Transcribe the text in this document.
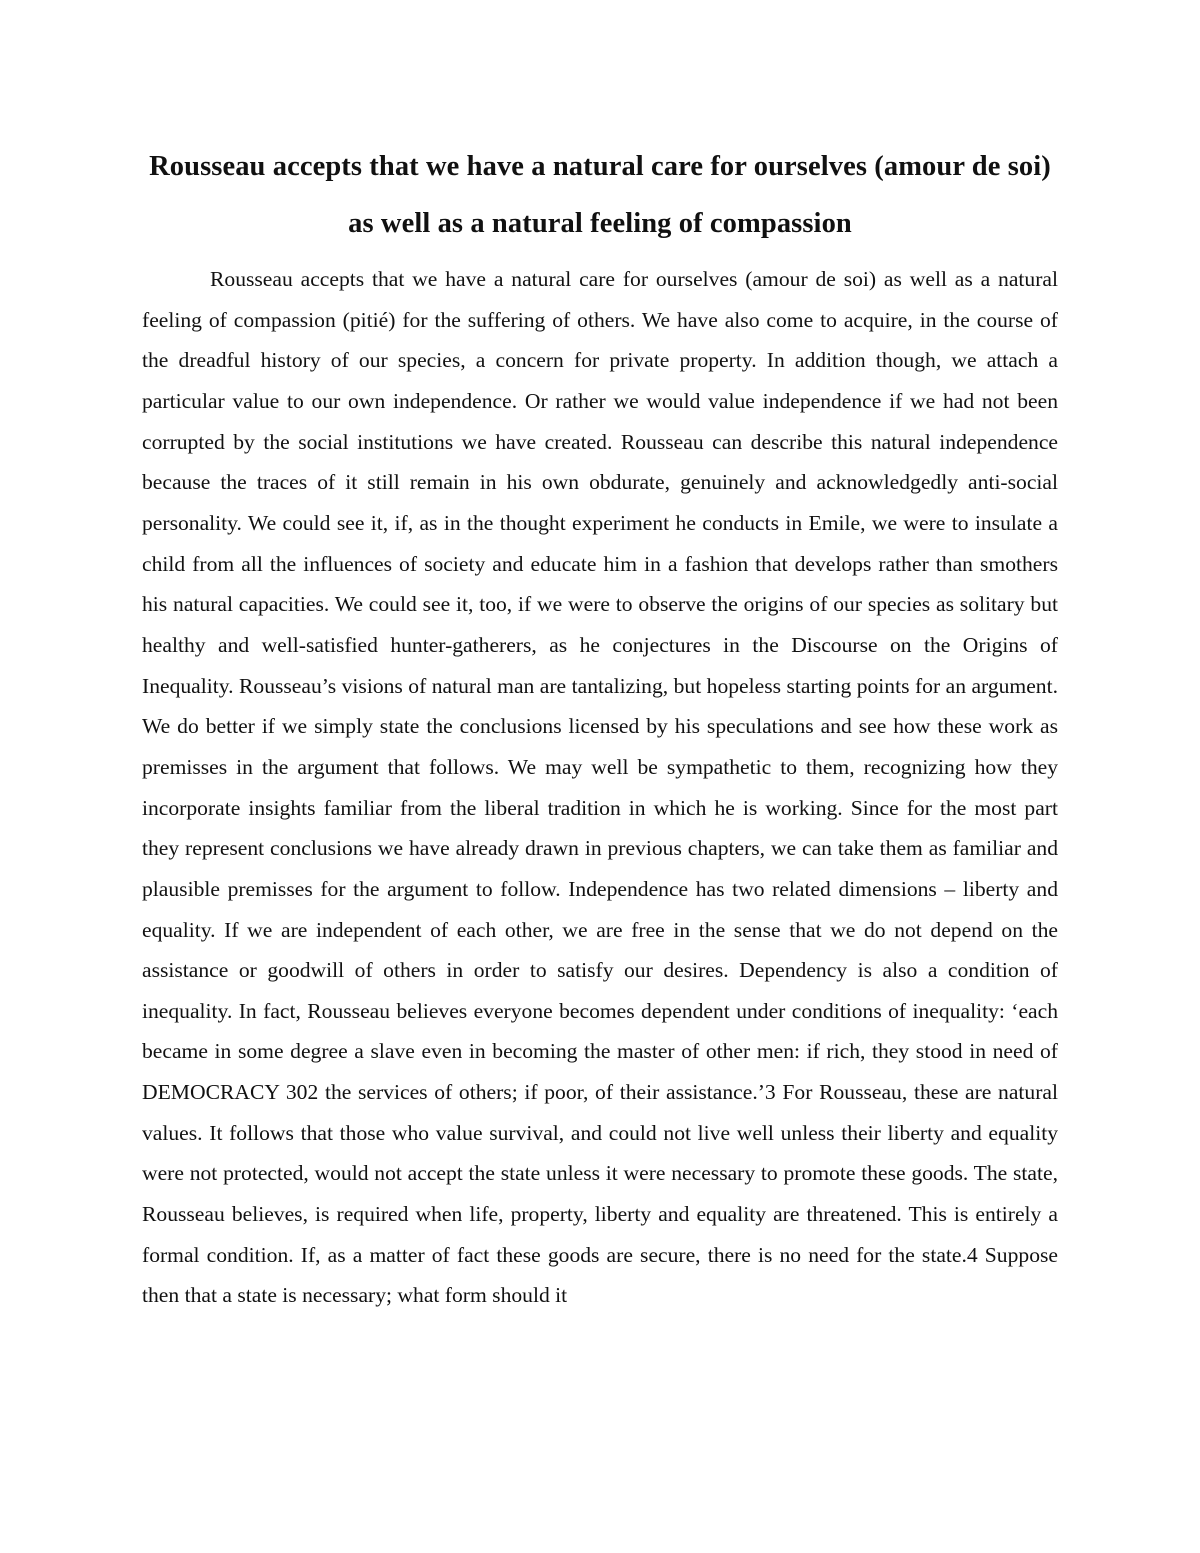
Rousseau accepts that we have a natural care for ourselves (amour de soi) as well as a natural feeling of compassion

Rousseau accepts that we have a natural care for ourselves (amour de soi) as well as a natural feeling of compassion (pitié) for the suffering of others. We have also come to acquire, in the course of the dreadful history of our species, a concern for private property. In addition though, we attach a particular value to our own independence. Or rather we would value independence if we had not been corrupted by the social institutions we have created. Rousseau can describe this natural independence because the traces of it still remain in his own obdurate, genuinely and acknowledgedly anti-social personality. We could see it, if, as in the thought experiment he conducts in Emile, we were to insulate a child from all the influences of society and educate him in a fashion that develops rather than smothers his natural capacities. We could see it, too, if we were to observe the origins of our species as solitary but healthy and well-satisfied hunter-gatherers, as he conjectures in the Discourse on the Origins of Inequality. Rousseau’s visions of natural man are tantalizing, but hopeless starting points for an argument. We do better if we simply state the conclusions licensed by his speculations and see how these work as premisses in the argument that follows. We may well be sympathetic to them, recognizing how they incorporate insights familiar from the liberal tradition in which he is working. Since for the most part they represent conclusions we have already drawn in previous chapters, we can take them as familiar and plausible premisses for the argument to follow. Independence has two related dimensions – liberty and equality. If we are independent of each other, we are free in the sense that we do not depend on the assistance or goodwill of others in order to satisfy our desires. Dependency is also a condition of inequality. In fact, Rousseau believes everyone becomes dependent under conditions of inequality: ‘each became in some degree a slave even in becoming the master of other men: if rich, they stood in need of DEMOCRACY 302 the services of others; if poor, of their assistance.’3 For Rousseau, these are natural values. It follows that those who value survival, and could not live well unless their liberty and equality were not protected, would not accept the state unless it were necessary to promote these goods. The state, Rousseau believes, is required when life, property, liberty and equality are threatened. This is entirely a formal condition. If, as a matter of fact these goods are secure, there is no need for the state.4 Suppose then that a state is necessary; what form should it
